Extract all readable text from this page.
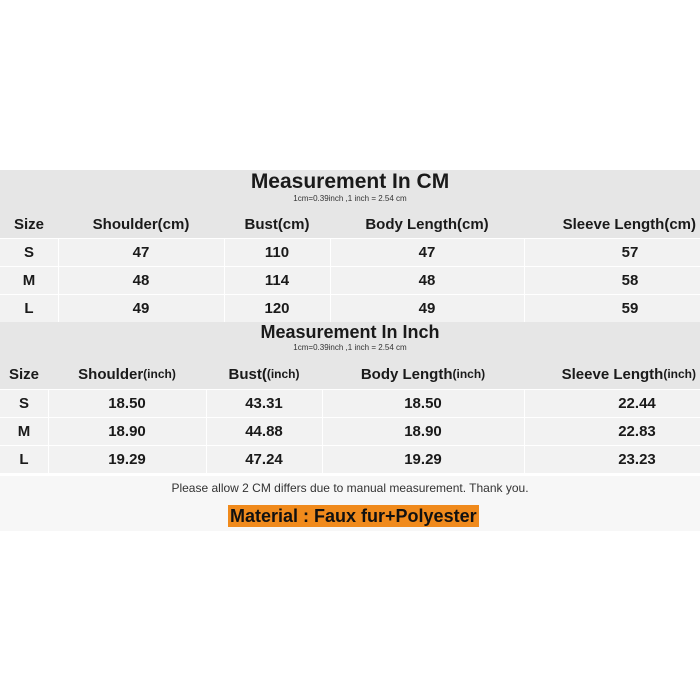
Measurement In CM
1cm=0.39inch ,1 inch = 2.54 cm
Size	Shoulder(cm)	Bust(cm)	Body Length(cm)	Sleeve Length(cm)
S	47	110	47	57
M	48	114	48	58
L	49	120	49	59
Measurement In Inch
1cm=0.39inch ,1 inch = 2.54 cm
Size	Shoulder (inch)	Bust( (inch)	Body Length (inch)	Sleeve Length (inch)
S	18.50	43.31	18.50	22.44
M	18.90	44.88	18.90	22.83
L	19.29	47.24	19.29	23.23
Please allow 2 CM differs due to manual measurement. Thank you.
Material : Faux fur+Polyester
